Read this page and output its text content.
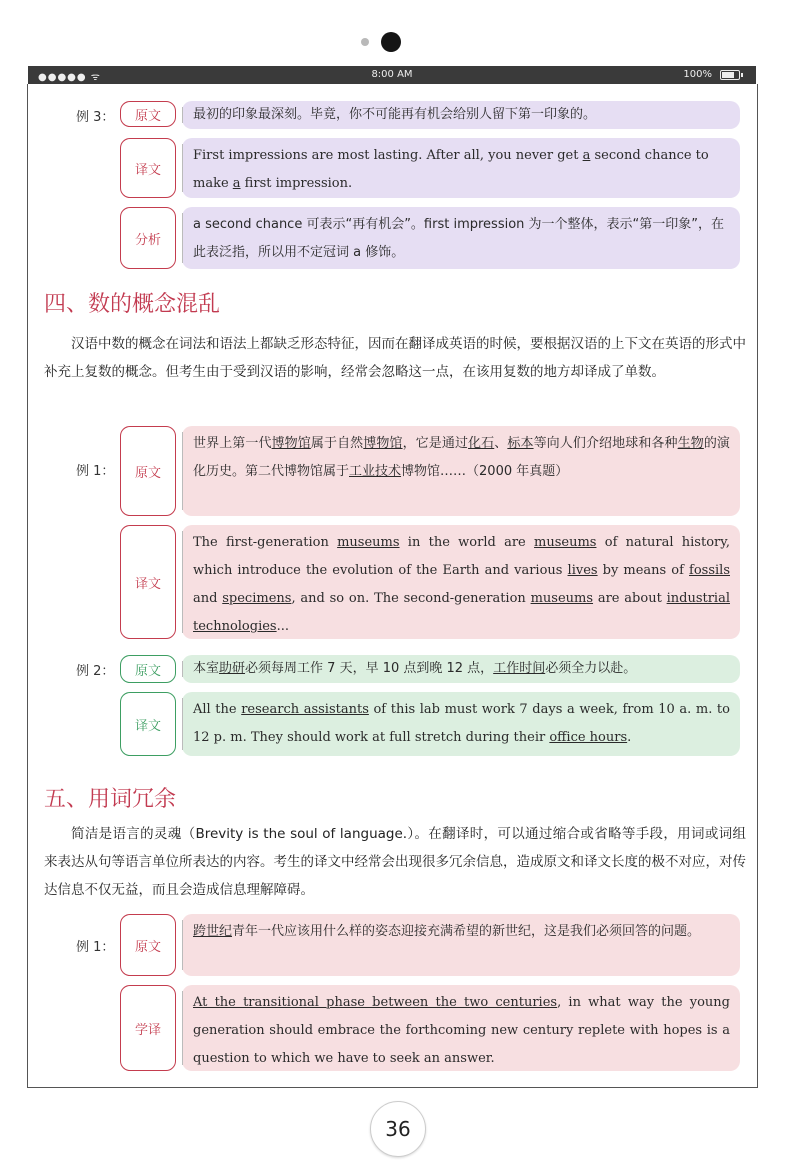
●●●●● ᯤ	8:00 AM	100%
例 3：	原文	最初的印象最深刻。毕竟，你不可能再有机会给别人留下第一印象的。
译文
First impressions are most lasting. After all, you never get a second chance to make a first impression.
分析
a second chance 可表示“再有机会”。first impression 为一个整体，表示“第一印象”，在此表泛指，所以用不定冠词 a 修饰。
四、数的概念混乱
汉语中数的概念在词法和语法上都缺乏形态特征，因而在翻译成英语的时候，要根据汉语的上下文在英语的形式中补充上复数的概念。但考生由于受到汉语的影响，经常会忽略这一点，在该用复数的地方却译成了单数。
例 1：	原文
世界上第一代博物馆属于自然博物馆，它是通过化石、标本等向人们介绍地球和各种生物的演化历史。第二代博物馆属于工业技术博物馆……（2000 年真题）
译文
The first-generation museums in the world are museums of natural history, which introduce the evolution of the Earth and various lives by means of fossils and specimens, and so on. The second-generation museums are about industrial technologies...
例 2：	原文	本室助研必须每周工作 7 天，早 10 点到晚 12 点，工作时间必须全力以赴。
译文
All the research assistants of this lab must work 7 days a week, from 10 a. m. to 12 p. m. They should work at full stretch during their office hours.
五、用词冗余
简洁是语言的灵魂（Brevity is the soul of language.）。在翻译时，可以通过缩合或省略等手段，用词或词组来表达从句等语言单位所表达的内容。考生的译文中经常会出现很多冗余信息，造成原文和译文长度的极不对应，对传达信息不仅无益，而且会造成信息理解障碍。
例 1：	原文
跨世纪青年一代应该用什么样的姿态迎接充满希望的新世纪，这是我们必须回答的问题。
学译
At the transitional phase between the two centuries, in what way the young generation should embrace the forthcoming new century replete with hopes is a question to which we have to seek an answer.
36
